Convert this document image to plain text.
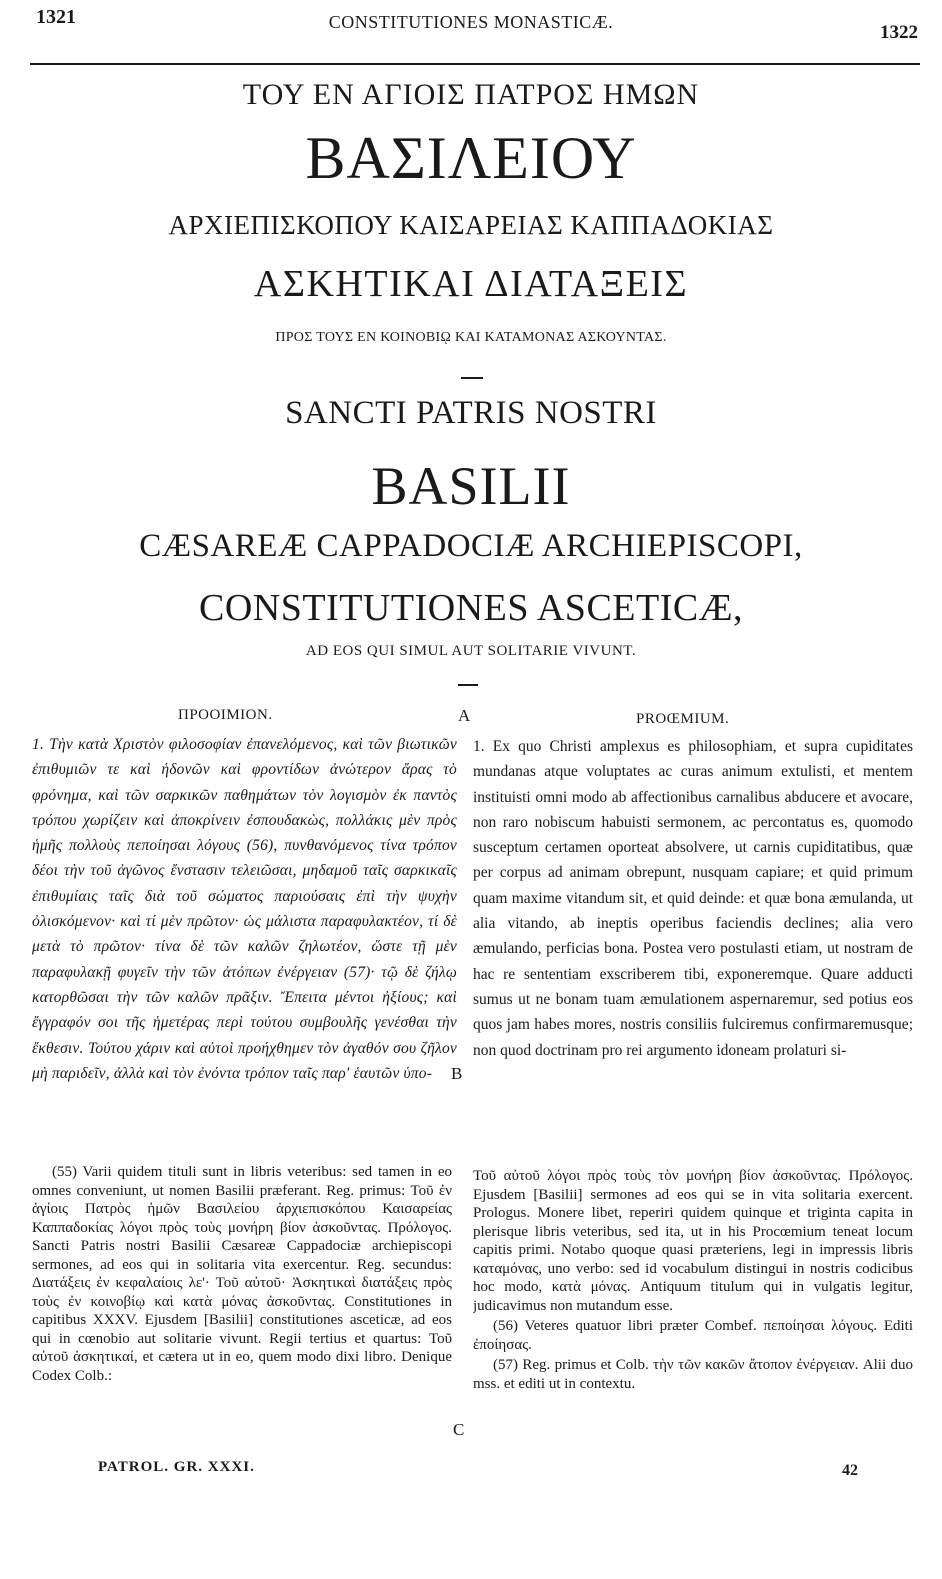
1321	CONSTITUTIONES MONASTICÆ.	1322
ΤΟΥ ΕΝ ΑΓΙΟΙΣ ΠΑΤΡΟΣ ΗΜΩΝ
ΒΑΣΙΛΕΙΟΥ
ΑΡΧΙΕΠΙΣΚΟΠΟΥ ΚΑΙΣΑΡΕΙΑΣ ΚΑΠΠΑΔΟΚΙΑΣ
ΑΣΚΗΤΙΚΑΙ ΔΙΑΤΑΞΕΙΣ
ΠΡΟΣ ΤΟΥΣ ΕΝ ΚΟΙΝΟΒΙῼ ΚΑΙ ΚΑΤΑΜΟΝΑΣ ΑΣΚΟΥΝΤΑΣ.
SANCTI PATRIS NOSTRI
BASILII
CÆSAREÆ CAPPADOCIÆ ARCHIEPISCOPI,
CONSTITUTIONES ASCETICÆ,
AD EOS QUI SIMUL AUT SOLITARIE VIVUNT.
ΠΡΟΟΙΜΙΟΝ.	A	PROŒMIUM.

1. Τὴν κατὰ Χριστὸν φιλοσοφίαν ἐπανελόμενος, καὶ τῶν βιωτικῶν ἐπιθυμιῶν τε καὶ ἡδονῶν καὶ φροντίδων ἀνώτερον ἄρας τὸ φρόνημα, καὶ τῶν σαρκικῶν παθημάτων τὸν λογισμὸν ἐκ παντὸς τρόπου χωρίζειν καὶ ἀποκρίνειν ἐσπουδακὼς, πολλάκις μὲν πρὸς ἡμῆς πολλοὺς πεποίησαι λόγους (56), πυνθανόμενος τίνα τρόπον δέοι τὴν τοῦ ἀγῶνος ἔνστασιν τελειῶσαι, μηδαμοῦ ταῖς σαρκικαῖς ἐπιθυμίαις ταῖς διὰ τοῦ σώματος παριούσαις ἐπὶ τὴν ψυχὴν ὀλισκόμενον· καὶ τί μὲν πρῶτον· ὡς μάλιστα παραφυλακτέον, τί δὲ μετὰ τὸ πρῶτον· τίνα δὲ τῶν καλῶν ζηλωτέον, ὥστε τῇ μὲν παραφυλακῇ φυγεῖν τὴν τῶν ἀτόπων ἐνέργειαν (57)· τῷ δὲ ζήλῳ κατορθῶσαι τὴν τῶν καλῶν πρᾶξιν. Ἔπειτα μέντοι ἠξίους; καὶ ἔγγραφόν σοι τῆς ἡμετέρας περὶ τούτου συμβουλῆς γενέσθαι τὴν ἔκθεσιν. Τούτου χάριν καὶ αὐτοὶ προήχθημεν τὸν ἀγαθόν σου ζῆλον μὴ παριδεῖν, ἀλλὰ καὶ τὸν ἐνόντα τρόπον ταῖς παρ' ἑαυτῶν ὑπο-

1. Ex quo Christi amplexus es philosophiam, et supra cupiditates mundanas atque voluptates ac curas animum extulisti, et mentem instituisti omni modo ab affectionibus carnalibus abducere et avocare, non raro nobiscum habuisti sermonem, ac percontatus es, quomodo susceptum certamen oporteat absolvere, ut carnis cupiditatibus, quæ per corpus ad animam obrepunt, nusquam capiare; et quid primum quam maxime vitandum sit, et quid deinde: et quæ bona æmulanda, ut alia vitando, ab ineptis operibus faciendis declines; alia vero æmulando, perficias bona. Postea vero postulasti etiam, ut nostram de hac re sententiam exscriberem tibi, exponeremque. Quare adducti sumus ut ne bonam tuam æmulationem aspernaremur, sed potius eos quos jam habes mores, nostris consiliis fulciremus confirmaremusque; non quod doctrinam pro rei argumento idoneam prolaturi si-

B

(55) Varii quidem tituli sunt in libris veteribus: sed tamen in eo omnes conveniunt, ut nomen Basilii præferant. Reg. primus: Τοῦ ἐν ἁγίοις Πατρὸς ἡμῶν Βασιλείου ἀρχιεπισκόπου Καισαρείας Καππαδοκίας λόγοι πρὸς τοὺς μονήρη βίον ἀσκοῦντας. Πρόλογος. Sancti Patris nostri Basilii Cæsareæ Cappadociæ archiepiscopi sermones, ad eos qui in solitaria vita exercentur. Reg. secundus: Διατάξεις ἐν κεφαλαίοις λε'· Τοῦ αὐτοῦ· Ἀσκητικαὶ διατάξεις πρὸς τοὺς ἐν κοινοβίῳ καὶ κατὰ μόνας ἀσκοῦντας. Constitutiones in capitibus XXXV. Ejusdem [Basilii] constitutiones asceticæ, ad eos qui in cœnobio aut solitarie vivunt. Regii tertius et quartus: Τοῦ αὐτοῦ ἀσκητικαί, et cætera ut in eo, quem modo dixi libro. Denique Codex Colb.:

C

Τοῦ αὐτοῦ λόγοι πρὸς τοὺς τὸν μονήρη βίον ἀσκοῦντας. Πρόλογος. Ejusdem [Basilii] sermones ad eos qui se in vita solitaria exercent. Prologus. Monere libet, reperiri quidem quinque et triginta capita in plerisque libris veteribus, sed ita, ut in his Procœmium teneat locum capitis primi. Notabo quoque quasi præteriens, legi in impressis libris καταμόνας, uno verbo: sed id vocabulum distingui in nostris codicibus hoc modo, κατὰ μόνας. Antiquum titulum qui in vulgatis legitur, judicavimus non mutandum esse.

(56) Veteres quatuor libri præter Combef. πεποίησαι λόγους. Editi ἐποίησας.

(57) Reg. primus et Colb. τὴν τῶν κακῶν ἄτοπον ἐνέργειαν. Alii duo mss. et editi ut in contextu.

PATROL. GR. XXXI.	42
